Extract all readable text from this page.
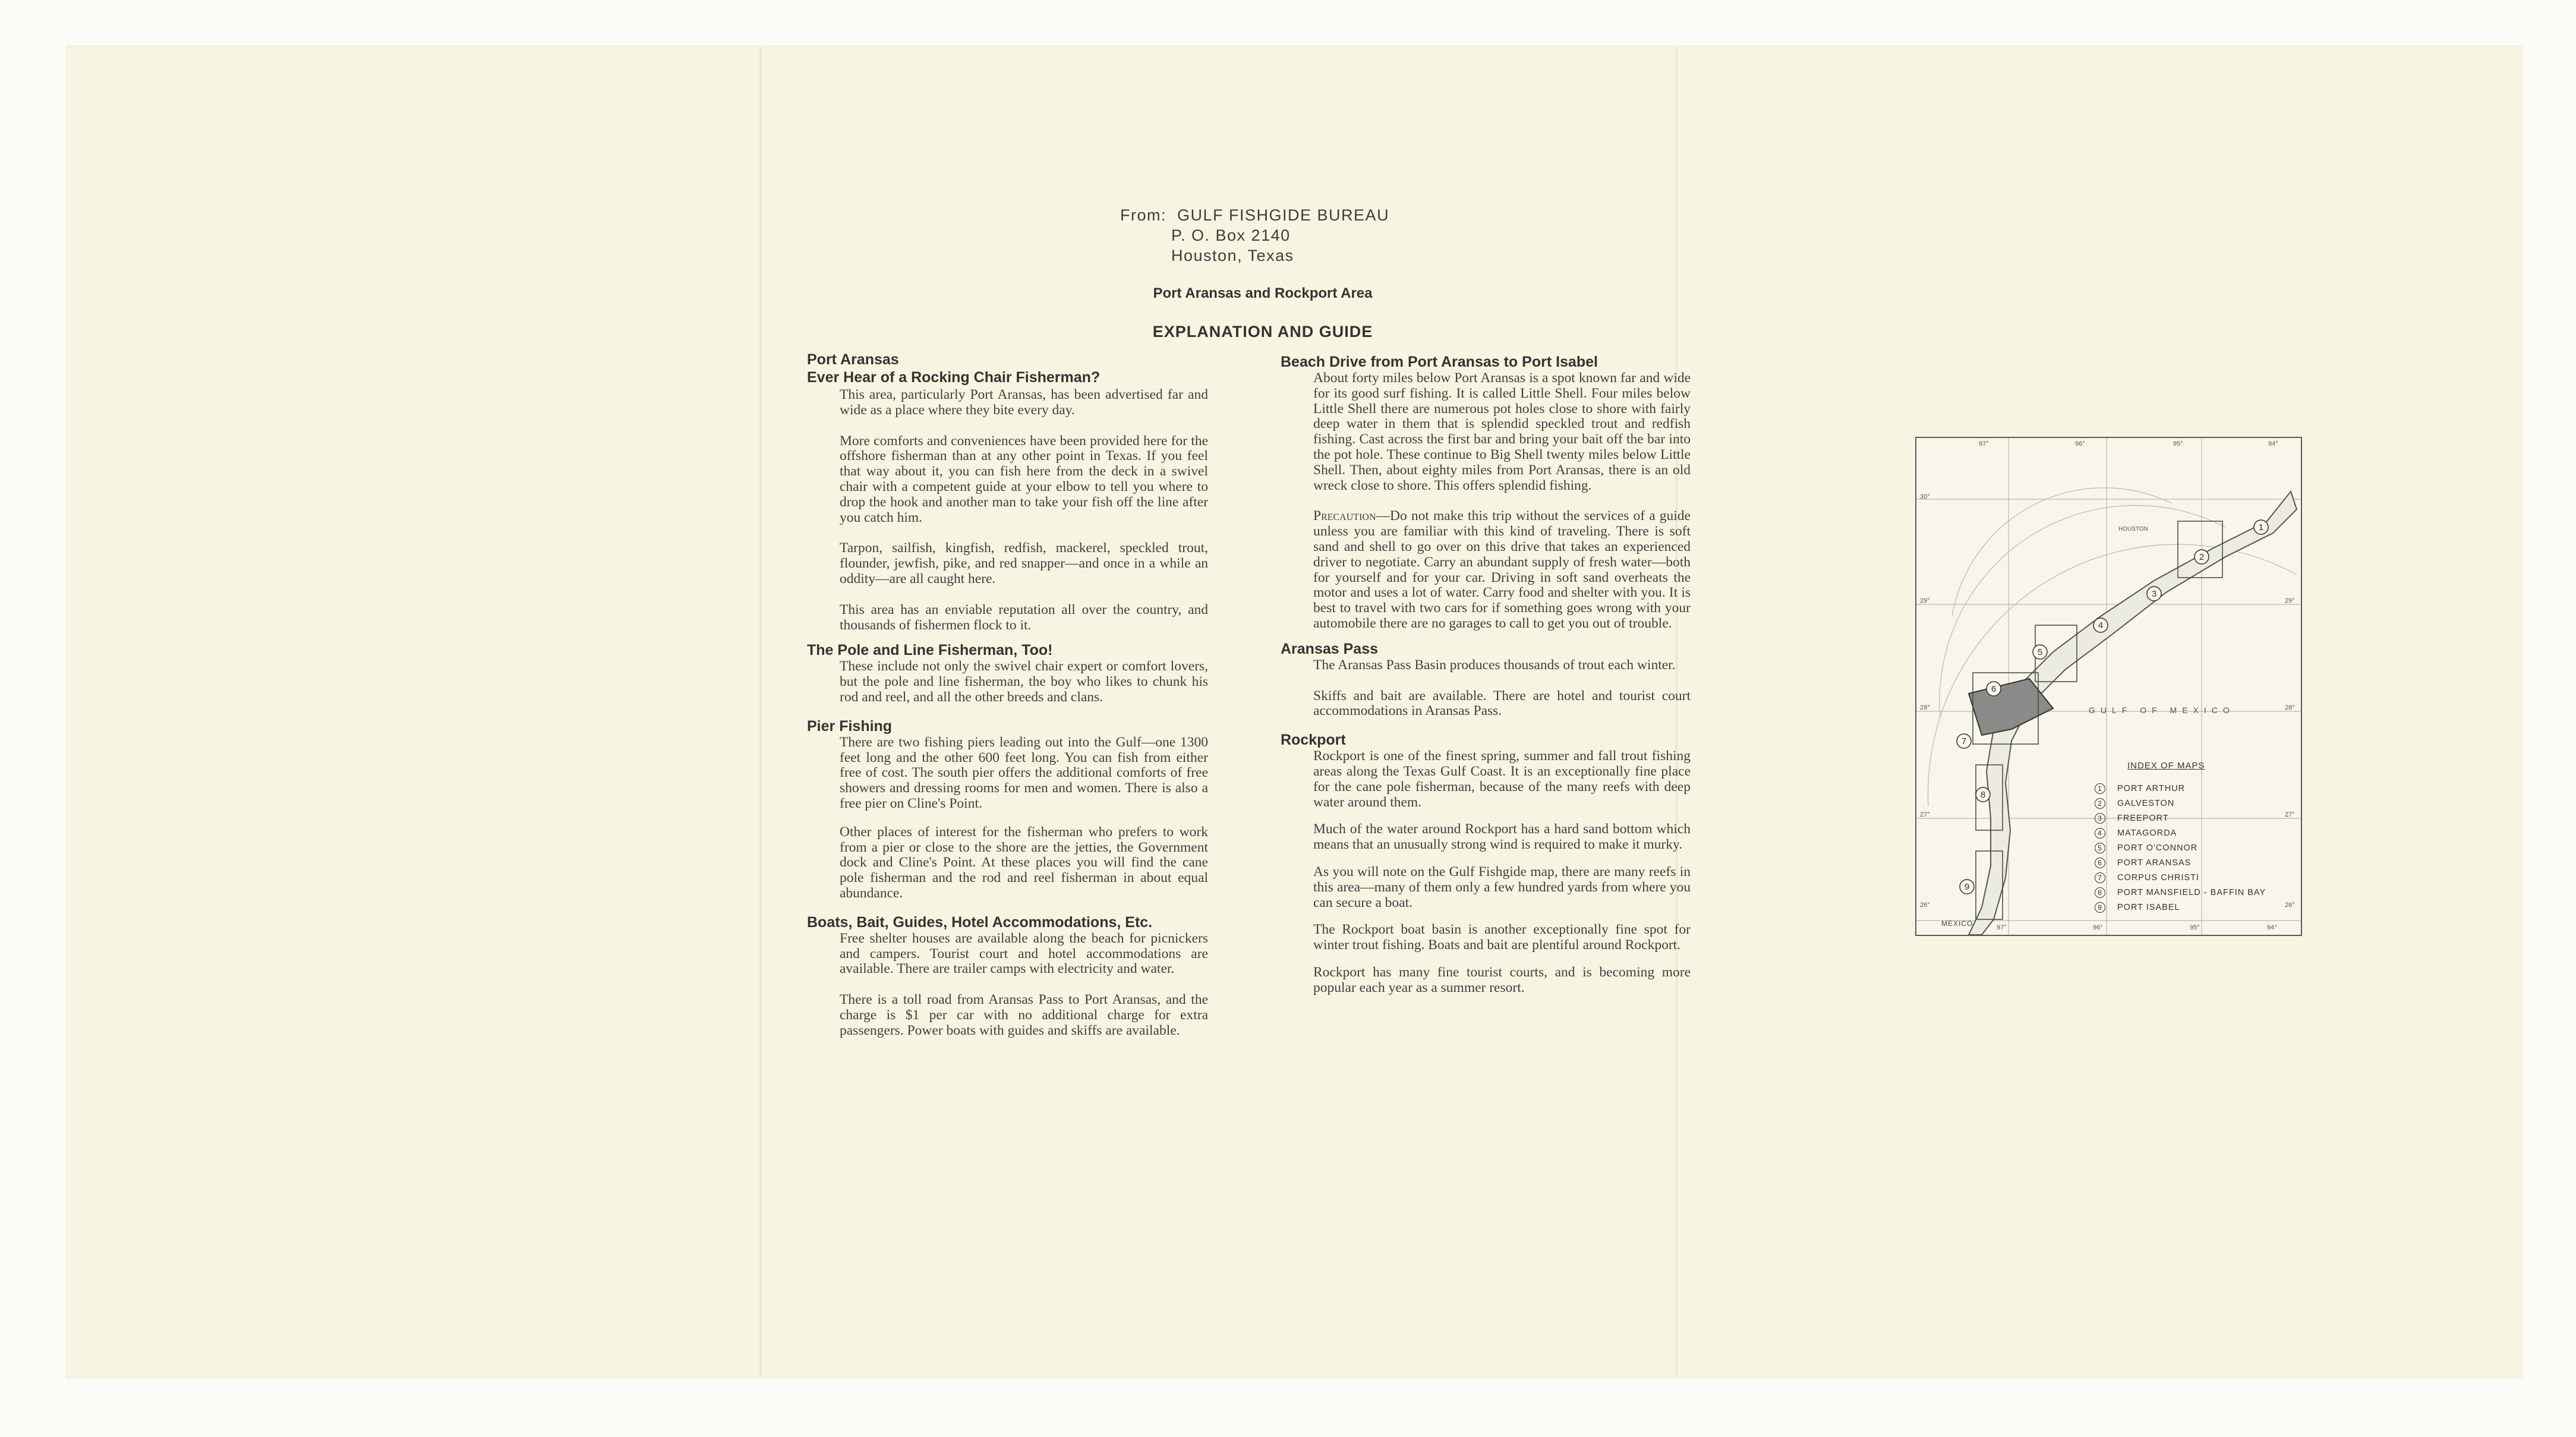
From: GULF FISHGIDE BUREAU
P. O. Box 2140
Houston, Texas
Port Aransas and Rockport Area
EXPLANATION AND GUIDE

Port Aransas

Ever Hear of a Rocking Chair Fisherman?

This area, particularly Port Aransas, has been advertised far and wide as a place where they bite every day.

More comforts and conveniences have been provided here for the offshore fisherman than at any other point in Texas. If you feel that way about it, you can fish here from the deck in a swivel chair with a competent guide at your elbow to tell you where to drop the hook and another man to take your fish off the line after you catch him.

Tarpon, sailfish, kingfish, redfish, mackerel, speckled trout, flounder, jewfish, pike, and red snapper—and once in a while an oddity—are all caught here.

This area has an enviable reputation all over the country, and thousands of fishermen flock to it.

The Pole and Line Fisherman, Too!

These include not only the swivel chair expert or comfort lovers, but the pole and line fisherman, the boy who likes to chunk his rod and reel, and all the other breeds and clans.

Pier Fishing

There are two fishing piers leading out into the Gulf—one 1300 feet long and the other 600 feet long. You can fish from either free of cost. The south pier offers the additional comforts of free showers and dressing rooms for men and women. There is also a free pier on Cline's Point.

Other places of interest for the fisherman who prefers to work from a pier or close to the shore are the jetties, the Government dock and Cline's Point. At these places you will find the cane pole fisherman and the rod and reel fisherman in about equal abundance.

Boats, Bait, Guides, Hotel Accommodations, Etc.

Free shelter houses are available along the beach for picnickers and campers. Tourist court and hotel accommodations are available. There are trailer camps with electricity and water.

There is a toll road from Aransas Pass to Port Aransas, and the charge is $1 per car with no additional charge for extra passengers. Power boats with guides and skiffs are available.

Beach Drive from Port Aransas to Port Isabel

About forty miles below Port Aransas is a spot known far and wide for its good surf fishing. It is called Little Shell. Four miles below Little Shell there are numerous pot holes close to shore with fairly deep water in them that is splendid speckled trout and redfish fishing. Cast across the first bar and bring your bait off the bar into the pot hole. These continue to Big Shell twenty miles below Little Shell. Then, about eighty miles from Port Aransas, there is an old wreck close to shore. This offers splendid fishing.

Precaution—Do not make this trip without the services of a guide unless you are familiar with this kind of traveling. There is soft sand and shell to go over on this drive that takes an experienced driver to negotiate. Carry an abundant supply of fresh water—both for yourself and for your car. Driving in soft sand overheats the motor and uses a lot of water. Carry food and shelter with you. It is best to travel with two cars for if something goes wrong with your automobile there are no garages to call to get you out of trouble.

Aransas Pass

The Aransas Pass Basin produces thousands of trout each winter.

Skiffs and bait are available. There are hotel and tourist court accommodations in Aransas Pass.

Rockport

Rockport is one of the finest spring, summer and fall trout fishing areas along the Texas Gulf Coast. It is an exceptionally fine place for the cane pole fisherman, because of the many reefs with deep water around them.

Much of the water around Rockport has a hard sand bottom which means that an unusually strong wind is required to make it murky.

As you will note on the Gulf Fishgide map, there are many reefs in this area—many of them only a few hundred yards from where you can secure a boat.

The Rockport boat basin is another exceptionally fine spot for winter trout fishing. Boats and bait are plentiful around Rockport.

Rockport has many fine tourist courts, and is becoming more popular each year as a summer resort.

1
2
3
4
5
6
7
8
9
97°	96°	95°	94°
30°
29°
28°
27°
26°
29°
28°
27°
26°
97°	96°	95°	94°
HOUSTON
GULF OF MEXICO
MEXICO
INDEX OF MAPS
1	PORT ARTHUR
2	GALVESTON
3	FREEPORT
4	MATAGORDA
5	PORT O'CONNOR
6	PORT ARANSAS
7	CORPUS CHRISTI
8	PORT MANSFIELD - BAFFIN BAY
9	PORT ISABEL
